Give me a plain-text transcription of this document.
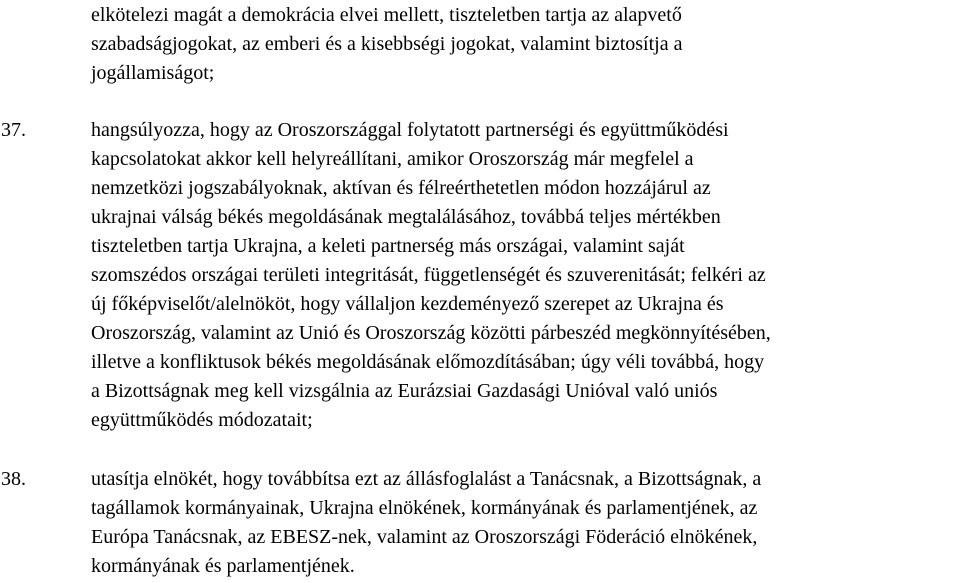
elkötelezi magát a demokrácia elvei mellett, tiszteletben tartja az alapvető
szabadságjogokat, az emberi és a kisebbségi jogokat, valamint biztosítja a
jogállamiságot;
37.	hangsúlyozza, hogy az Oroszországgal folytatott partnerségi és együttműködési
kapcsolatokat akkor kell helyreállítani, amikor Oroszország már megfelel a
nemzetközi jogszabályoknak, aktívan és félreérthetetlen módon hozzájárul az
ukrajnai válság békés megoldásának megtalálásához, továbbá teljes mértékben
tiszteletben tartja Ukrajna, a keleti partnerség más országai, valamint saját
szomszédos országai területi integritását, függetlenségét és szuverenitását; felkéri az
új főképviselőt/alelnököt, hogy vállaljon kezdeményező szerepet az Ukrajna és
Oroszország, valamint az Unió és Oroszország közötti párbeszéd megkönnyítésében,
illetve a konfliktusok békés megoldásának előmozdításában; úgy véli továbbá, hogy
a Bizottságnak meg kell vizsgálnia az Eurázsiai Gazdasági Unióval való uniós
együttműködés módozatait;
38.	utasítja elnökét, hogy továbbítsa ezt az állásfoglalást a Tanácsnak, a Bizottságnak, a
tagállamok kormányainak, Ukrajna elnökének, kormányának és parlamentjének, az
Európa Tanácsnak, az EBESZ-nek, valamint az Oroszországi Föderáció elnökének,
kormányának és parlamentjének.
